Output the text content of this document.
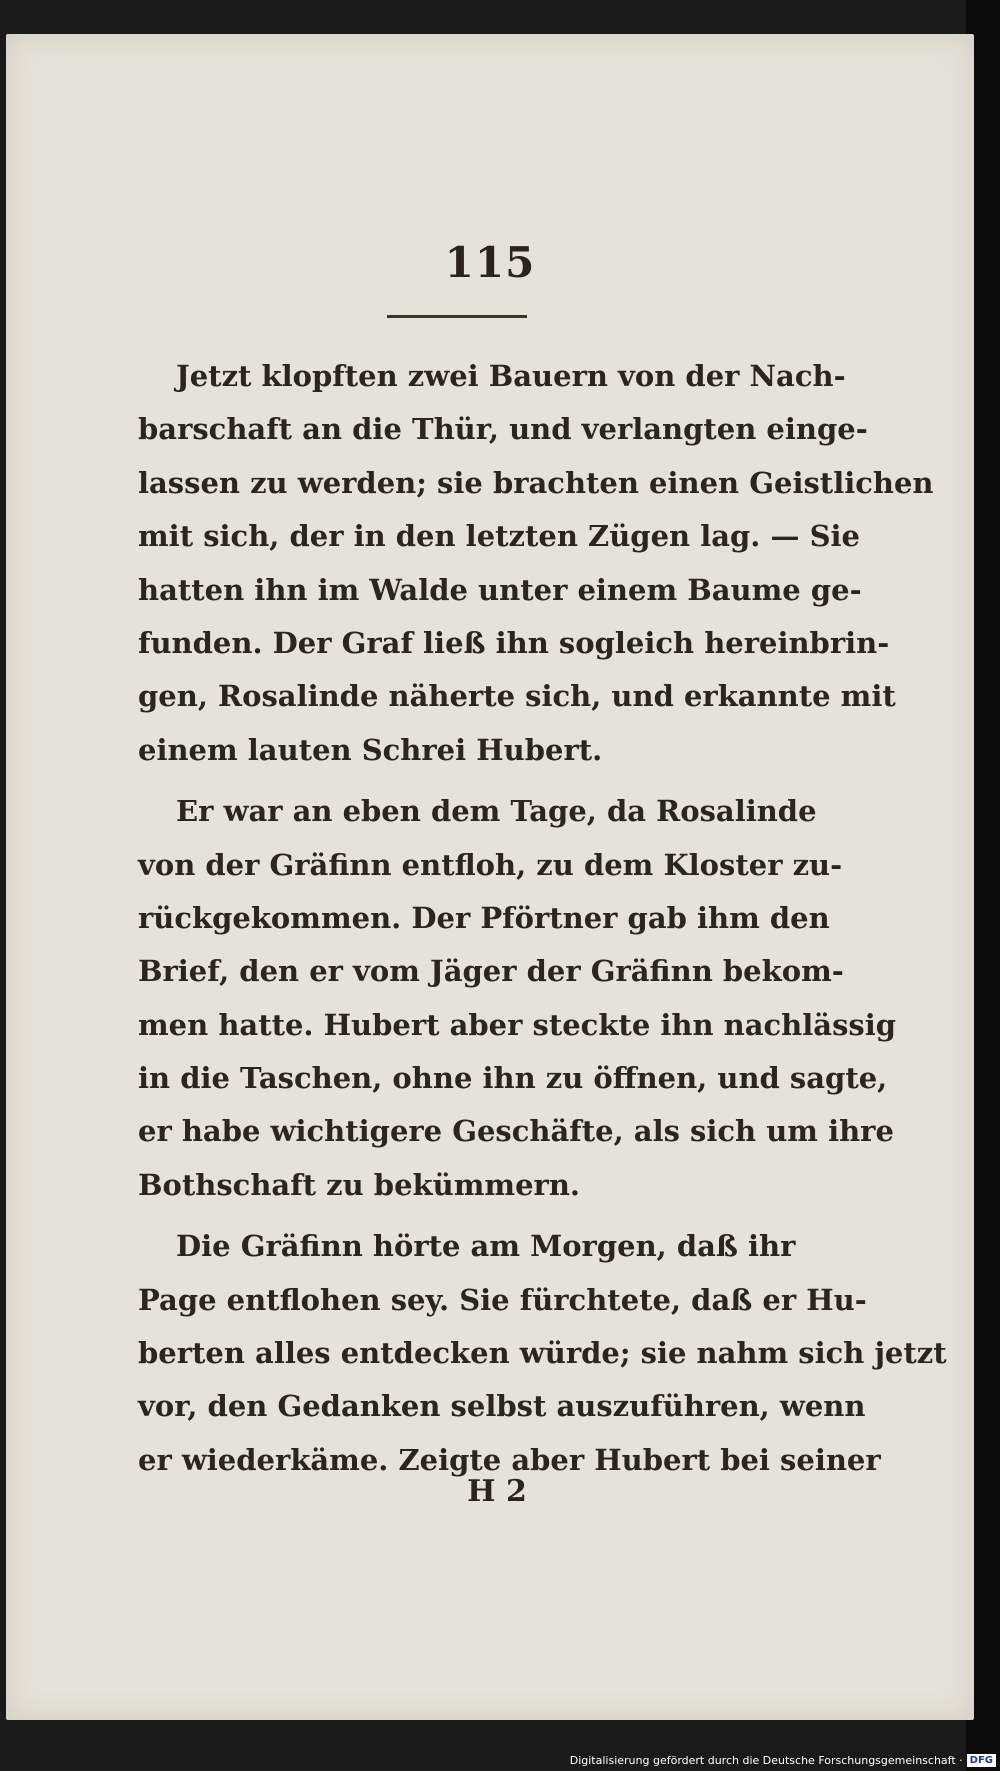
115
Jetzt klopften zwei Bauern von der Nach-
barschaft an die Thür, und verlangten einge-
lassen zu werden; sie brachten einen Geistlichen
mit sich, der in den letzten Zügen lag. — Sie
hatten ihn im Walde unter einem Baume ge-
funden. Der Graf ließ ihn sogleich hereinbrin-
gen, Rosalinde näherte sich, und erkannte mit
einem lauten Schrei Hubert.
Er war an eben dem Tage, da Rosalinde
von der Gräfinn entfloh, zu dem Kloster zu-
rückgekommen. Der Pförtner gab ihm den
Brief, den er vom Jäger der Gräfinn bekom-
men hatte. Hubert aber steckte ihn nachlässig
in die Taschen, ohne ihn zu öffnen, und sagte,
er habe wichtigere Geschäfte, als sich um ihre
Bothschaft zu bekümmern.
Die Gräfinn hörte am Morgen, daß ihr
Page entflohen sey. Sie fürchtete, daß er Hu-
berten alles entdecken würde; sie nahm sich jetzt
vor, den Gedanken selbst auszuführen, wenn
er wiederkäme. Zeigte aber Hubert bei seiner
H 2
Digitalisierung gefördert durch die Deutsche Forschungsgemeinschaft · DFG
